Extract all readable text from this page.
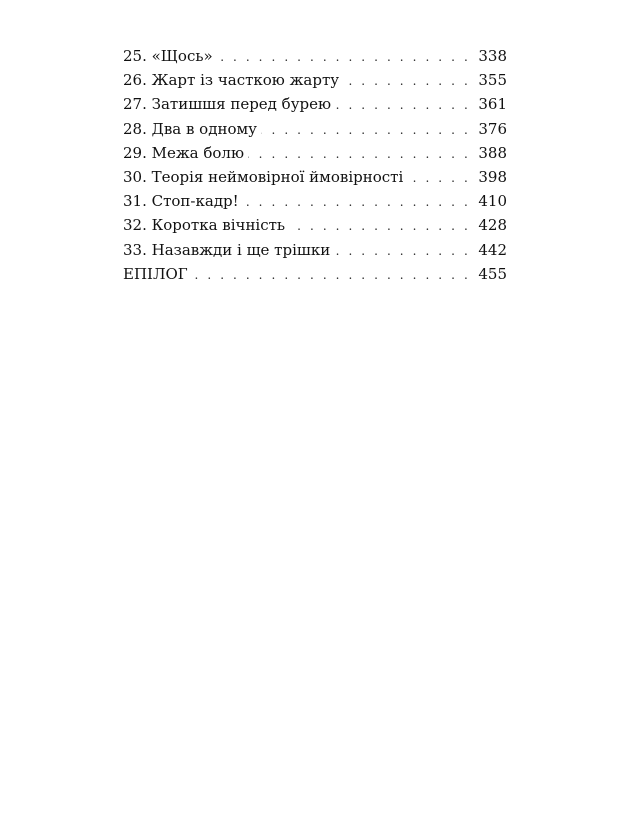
25. «Щось» . . .	338
26. Жарт із часткою жарту . . .	355
27. Затишшя перед бурею . . .	361
28. Два в одному . . .	376
29. Межа болю . . .	388
30. Теорія неймовірної ймовірності . . .	398
31. Стоп-кадр! . . .	410
32. Коротка вічність . . .	428
33. Назавжди і ще трішки . . .	442
ЕПІЛОГ . . .	455
